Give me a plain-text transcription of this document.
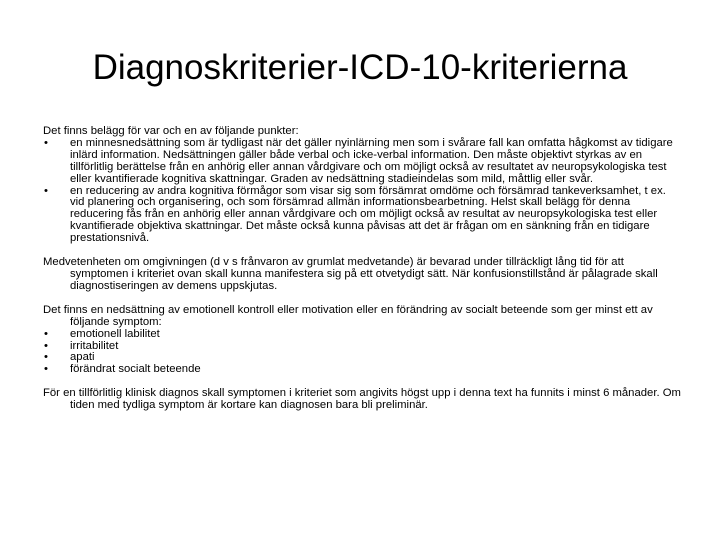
Diagnoskriterier-ICD-10-kriterierna

Det finns belägg för var och en av följande punkter:

• en minnesnedsättning som är tydligast när det gäller nyinlärning men som i svårare fall kan omfatta hågkomst av tidigare inlärd information. Nedsättningen gäller både verbal och icke-verbal information. Den måste objektivt styrkas av en tillförlitlig berättelse från en anhörig eller annan vårdgivare och om möjligt också av resultatet av neuropsykologiska test eller kvantifierade kognitiva skattningar. Graden av nedsättning stadieindelas som mild, måttlig eller svår.
• en reducering av andra kognitiva förmågor som visar sig som försämrat omdöme och försämrad tankeverksamhet, t ex. vid planering och organisering, och som försämrad allmän informationsbearbetning. Helst skall belägg för denna reducering fås från en anhörig eller annan vårdgivare och om möjligt också av resultat av neuropsykologiska test eller kvantifierade objektiva skattningar. Det måste också kunna påvisas att det är frågan om en sänkning från en tidigare prestationsnivå.

Medvetenheten om omgivningen (d v s frånvaron av grumlat medvetande) är bevarad under tillräckligt lång tid för att symptomen i kriteriet ovan skall kunna manifestera sig på ett otvetydigt sätt. När konfusionstillstånd är pålagrade skall diagnostiseringen av demens uppskjutas.

Det finns en nedsättning av emotionell kontroll eller motivation eller en förändring av socialt beteende som ger minst ett av följande symptom:

• emotionell labilitet
• irritabilitet
• apati
• förändrat socialt beteende

För en tillförlitlig klinisk diagnos skall symptomen i kriteriet som angivits högst upp i denna text ha funnits i minst 6 månader. Om tiden med tydliga symptom är kortare kan diagnosen bara bli preliminär.
